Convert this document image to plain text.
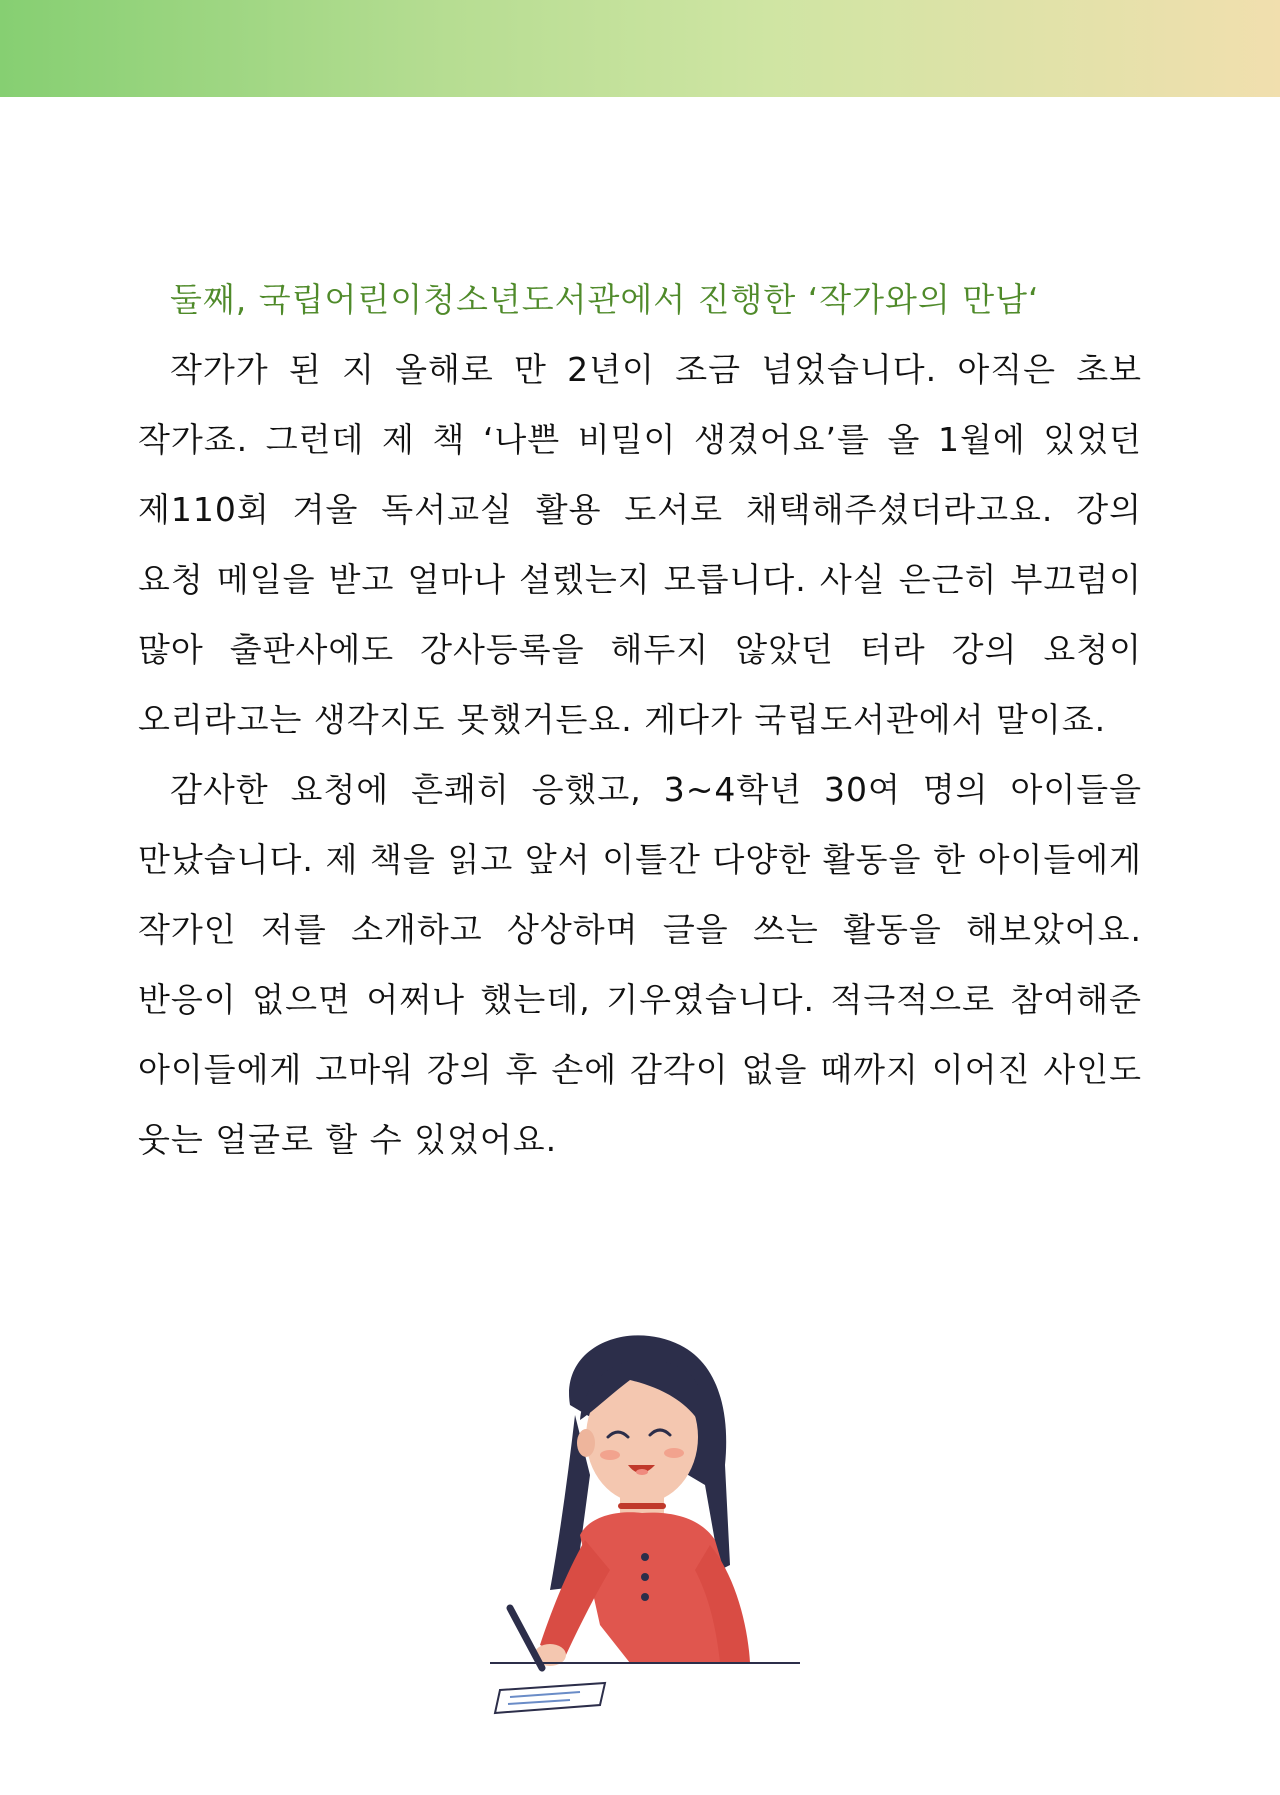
둘째, 국립어린이청소년도서관에서 진행한 ‘작가와의 만남‘

작가가 된 지 올해로 만 2년이 조금 넘었습니다. 아직은 초보 작가죠. 그런데 제 책 ‘나쁜 비밀이 생겼어요’를 올 1월에 있었던 제110회 겨울 독서교실 활용 도서로 채택해주셨더라고요. 강의 요청 메일을 받고 얼마나 설렜는지 모릅니다. 사실 은근히 부끄럼이 많아 출판사에도 강사등록을 해두지 않았던 터라 강의 요청이 오리라고는 생각지도 못했거든요. 게다가 국립도서관에서 말이죠.

감사한 요청에 흔쾌히 응했고, 3~4학년 30여 명의 아이들을 만났습니다. 제 책을 읽고 앞서 이틀간 다양한 활동을 한 아이들에게 작가인 저를 소개하고 상상하며 글을 쓰는 활동을 해보았어요. 반응이 없으면 어쩌나 했는데, 기우였습니다. 적극적으로 참여해준 아이들에게 고마워 강의 후 손에 감각이 없을 때까지 이어진 사인도 웃는 얼굴로 할 수 있었어요.
